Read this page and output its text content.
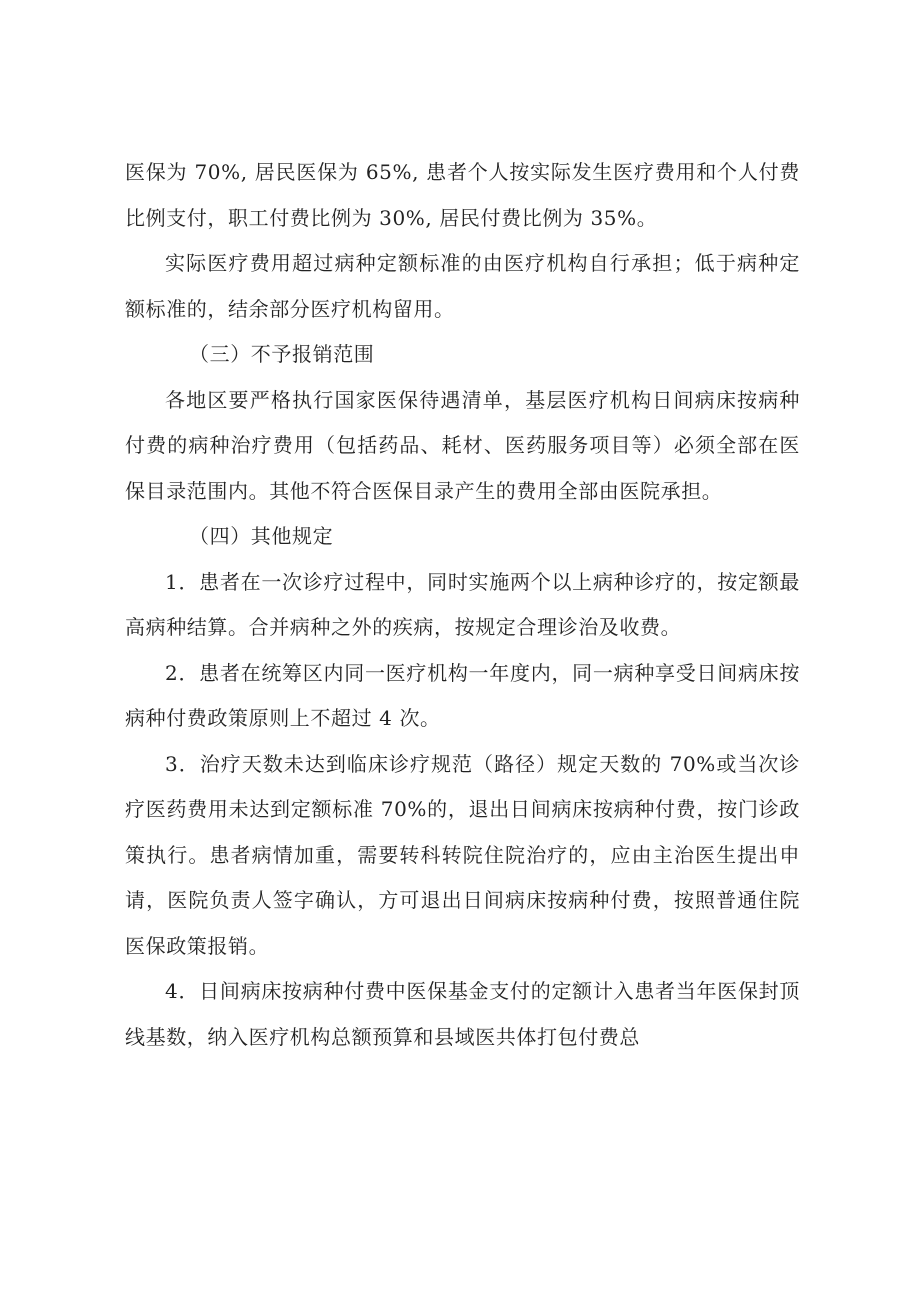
医保为 70%, 居民医保为 65%, 患者个人按实际发生医疗费用和个人付费比例支付，职工付费比例为 30%, 居民付费比例为 35%。

实际医疗费用超过病种定额标准的由医疗机构自行承担；低于病种定额标准的，结余部分医疗机构留用。

（三）不予报销范围

各地区要严格执行国家医保待遇清单，基层医疗机构日间病床按病种付费的病种治疗费用（包括药品、耗材、医药服务项目等）必须全部在医保目录范围内。其他不符合医保目录产生的费用全部由医院承担。

（四）其他规定

1．患者在一次诊疗过程中，同时实施两个以上病种诊疗的，按定额最高病种结算。合并病种之外的疾病，按规定合理诊治及收费。

2．患者在统筹区内同一医疗机构一年度内，同一病种享受日间病床按病种付费政策原则上不超过 4 次。

3．治疗天数未达到临床诊疗规范（路径）规定天数的 70%或当次诊疗医药费用未达到定额标准 70%的，退出日间病床按病种付费，按门诊政策执行。患者病情加重，需要转科转院住院治疗的，应由主治医生提出申请，医院负责人签字确认，方可退出日间病床按病种付费，按照普通住院医保政策报销。

4．日间病床按病种付费中医保基金支付的定额计入患者当年医保封顶线基数，纳入医疗机构总额预算和县域医共体打包付费总
